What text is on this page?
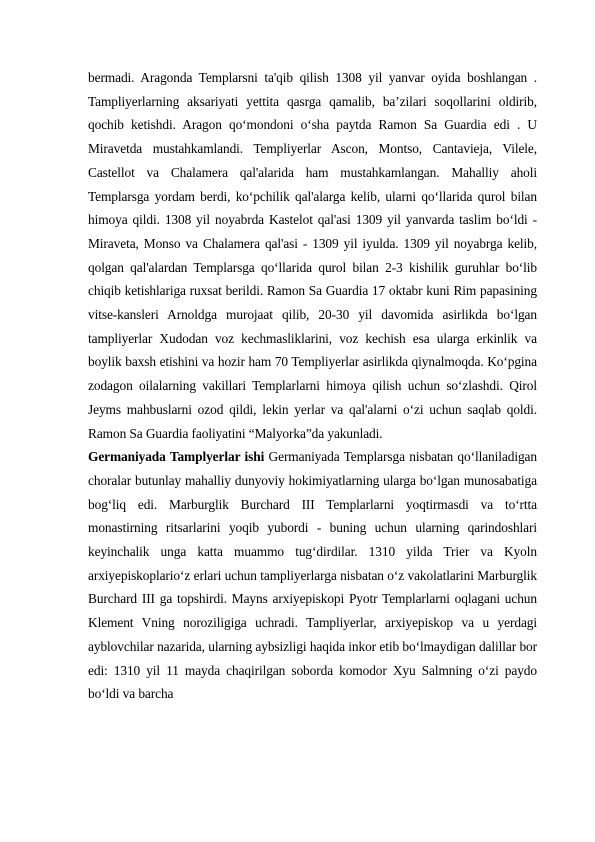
bermadi. Aragonda Templarsni ta'qib qilish 1308 yil yanvar oyida boshlangan . Tampliyerlarning aksariyati yettita qasrga qamalib, ba’zilari soqollarini oldirib, qochib ketishdi. Aragon qo‘mondoni o‘sha paytda Ramon Sa Guardia edi . U Miravetda mustahkamlandi. Templiyerlar Ascon, Montso, Cantavieja, Vilele, Castellot va Chalamera qal'alarida ham mustahkamlangan. Mahalliy aholi Templarsga yordam berdi, ko‘pchilik qal'alarga kelib, ularni qo‘llarida qurol bilan himoya qildi. 1308 yil noyabrda Kastelot qal'asi 1309 yil yanvarda taslim bo‘ldi - Miraveta, Monso va Chalamera qal'asi - 1309 yil iyulda. 1309 yil noyabrga kelib, qolgan qal'alardan Templarsga qo‘llarida qurol bilan 2-3 kishilik guruhlar bo‘lib chiqib ketishlariga ruxsat berildi. Ramon Sa Guardia 17 oktabr kuni Rim papasining vitse-kansleri Arnoldga murojaat qilib, 20-30 yil davomida asirlikda bo‘lgan tampliyerlar Xudodan voz kechmasliklarini, voz kechish esa ularga erkinlik va boylik baxsh etishini va hozir ham 70 Templiyerlar asirlikda qiynalmoqda. Ko‘pgina zodagon oilalarning vakillari Templarlarni himoya qilish uchun so‘zlashdi. Qirol Jeyms mahbuslarni ozod qildi, lekin yerlar va qal'alarni o‘zi uchun saqlab qoldi. Ramon Sa Guardia faoliyatini “Malyorka”da yakunladi.

Germaniyada Tamplyerlar ishi Germaniyada Templarsga nisbatan qo‘llaniladigan choralar butunlay mahalliy dunyoviy hokimiyatlarning ularga bo‘lgan munosabatiga bog‘liq edi. Marburglik Burchard III Templarlarni yoqtirmasdi va to‘rtta monastirning ritsarlarini yoqib yubordi - buning uchun ularning qarindoshlari keyinchalik unga katta muammo tug‘dirdilar. 1310 yilda Trier va Kyoln arxiyepiskoplario‘z erlari uchun tampliyerlarga nisbatan o‘z vakolatlarini Marburglik Burchard III ga topshirdi. Mayns arxiyepiskopi Pyotr Templarlarni oqlagani uchun Klement Vning noroziligiga uchradi. Tampliyerlar, arxiyepiskop va u yerdagi ayblovchilar nazarida, ularning aybsizligi haqida inkor etib bo‘lmaydigan dalillar bor edi: 1310 yil 11 mayda chaqirilgan soborda komodor Xyu Salmning o‘zi paydo bo‘ldi va barcha
